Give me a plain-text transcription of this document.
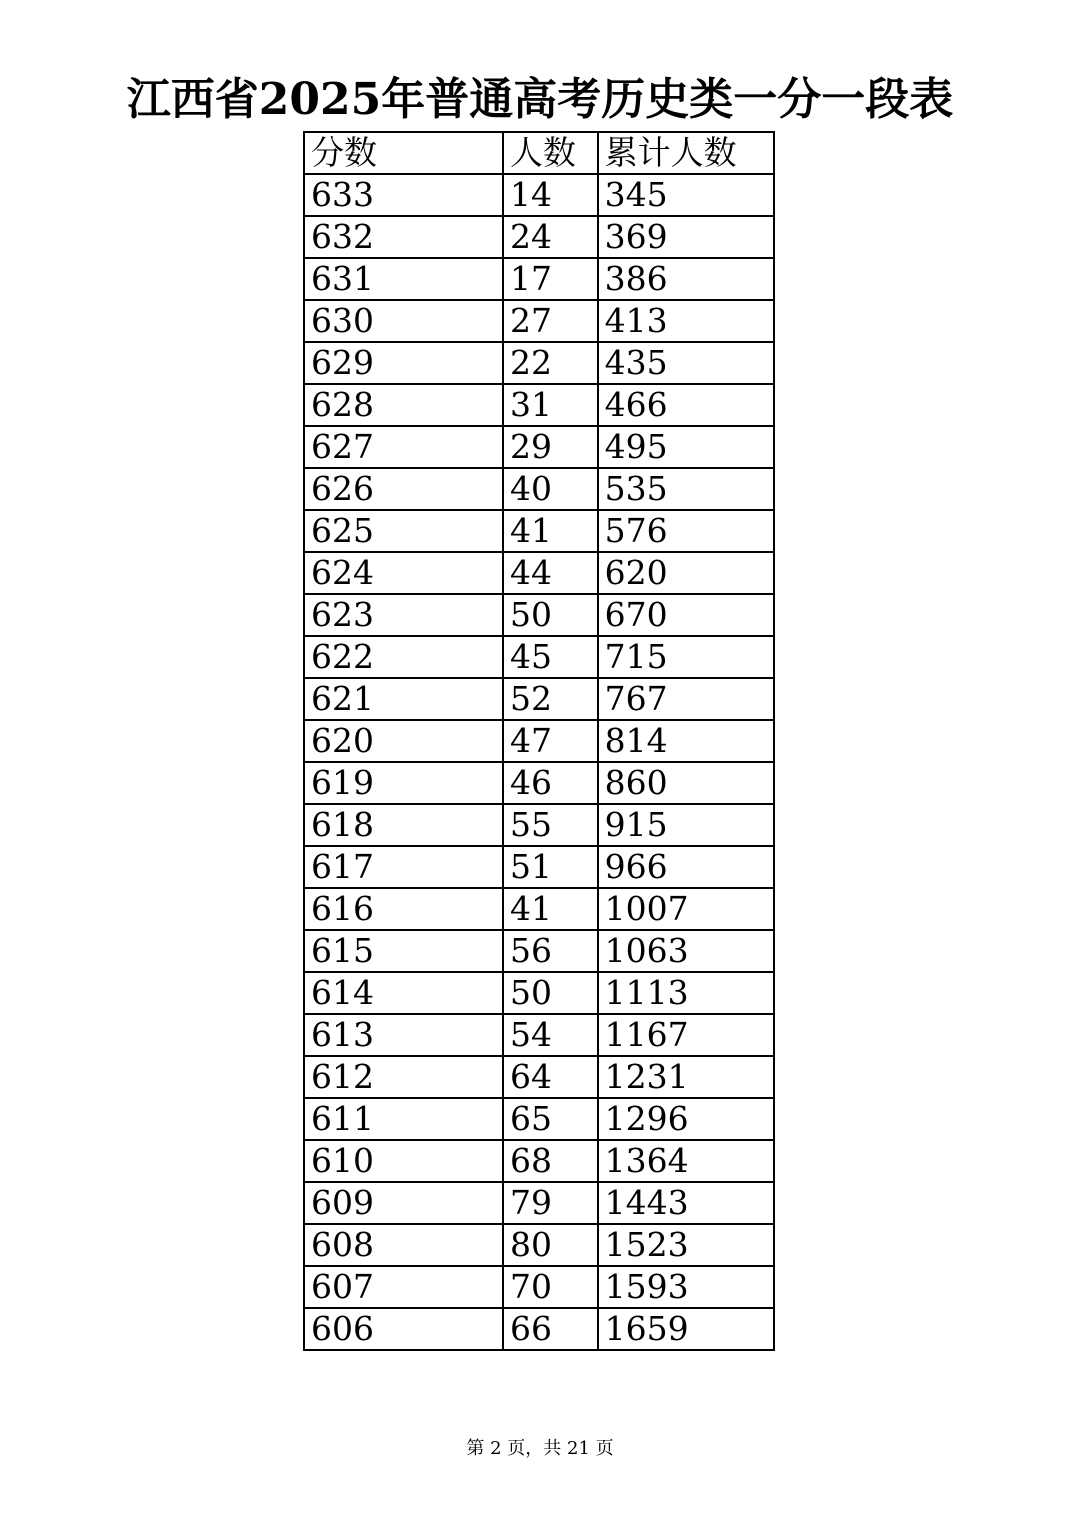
江西省2025年普通高考历史类一分一段表
分数	人数	累计人数
633	14	345
632	24	369
631	17	386
630	27	413
629	22	435
628	31	466
627	29	495
626	40	535
625	41	576
624	44	620
623	50	670
622	45	715
621	52	767
620	47	814
619	46	860
618	55	915
617	51	966
616	41	1007
615	56	1063
614	50	1113
613	54	1167
612	64	1231
611	65	1296
610	68	1364
609	79	1443
608	80	1523
607	70	1593
606	66	1659
第 2 页，共 21 页
